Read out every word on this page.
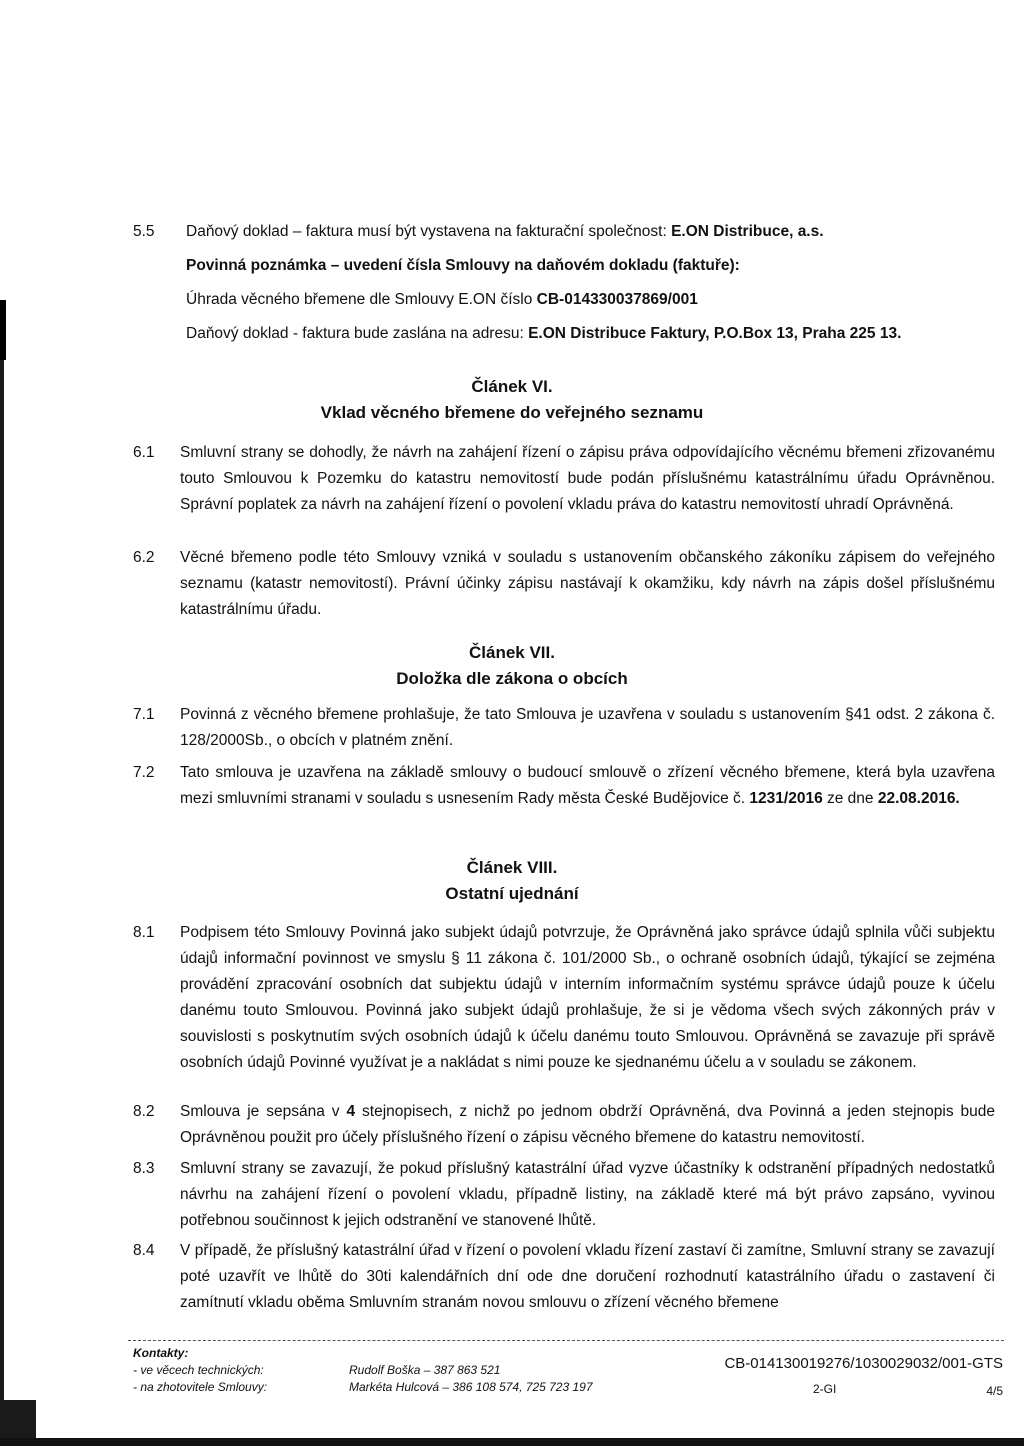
5.5	Daňový doklad – faktura musí být vystavena na fakturační společnost: E.ON Distribuce, a.s.
Povinná poznámka – uvedení čísla Smlouvy na daňovém dokladu (faktuře):
Úhrada věcného břemene dle Smlouvy E.ON číslo CB-014330037869/001
Daňový doklad - faktura bude zaslána na adresu: E.ON Distribuce Faktury, P.O.Box 13, Praha 225 13.
Článek VI.
Vklad věcného břemene do veřejného seznamu
6.1	Smluvní strany se dohodly, že návrh na zahájení řízení o zápisu práva odpovídajícího věcnému břemeni zřizovanému touto Smlouvou k Pozemku do katastru nemovitostí bude podán příslušnému katastrálnímu úřadu Oprávněnou. Správní poplatek za návrh na zahájení řízení o povolení vkladu práva do katastru nemovitostí uhradí Oprávněná.
6.2	Věcné břemeno podle této Smlouvy vzniká v souladu s ustanovením občanského zákoníku zápisem do veřejného seznamu (katastr nemovitostí). Právní účinky zápisu nastávají k okamžiku, kdy návrh na zápis došel příslušnému katastrálnímu úřadu.
Článek VII.
Doložka dle zákona o obcích
7.1	Povinná z věcného břemene prohlašuje, že tato Smlouva je uzavřena v souladu s ustanovením §41 odst. 2 zákona č. 128/2000Sb., o obcích v platném znění.
7.2	Tato smlouva je uzavřena na základě smlouvy o budoucí smlouvě o zřízení věcného břemene, která byla uzavřena mezi smluvními stranami v souladu s usnesením Rady města České Budějovice č. 1231/2016 ze dne 22.08.2016.
Článek VIII.
Ostatní ujednání
8.1	Podpisem této Smlouvy Povinná jako subjekt údajů potvrzuje, že Oprávněná jako správce údajů splnila vůči subjektu údajů informační povinnost ve smyslu § 11 zákona č. 101/2000 Sb., o ochraně osobních údajů, týkající se zejména provádění zpracování osobních dat subjektu údajů v interním informačním systému správce údajů pouze k účelu danému touto Smlouvou. Povinná jako subjekt údajů prohlašuje, že si je vědoma všech svých zákonných práv v souvislosti s poskytnutím svých osobních údajů k účelu danému touto Smlouvou. Oprávněná se zavazuje při správě osobních údajů Povinné využívat je a nakládat s nimi pouze ke sjednanému účelu a v souladu se zákonem.
8.2	Smlouva je sepsána v 4 stejnopisech, z nichž po jednom obdrží Oprávněná, dva Povinná a jeden stejnopis bude Oprávněnou použit pro účely příslušného řízení o zápisu věcného břemene do katastru nemovitostí.
8.3	Smluvní strany se zavazují, že pokud příslušný katastrální úřad vyzve účastníky k odstranění případných nedostatků návrhu na zahájení řízení o povolení vkladu, případně listiny, na základě které má být právo zapsáno, vyvinou potřebnou součinnost k jejich odstranění ve stanovené lhůtě.
8.4	V případě, že příslušný katastrální úřad v řízení o povolení vkladu řízení zastaví či zamítne, Smluvní strany se zavazují poté uzavřít ve lhůtě do 30ti kalendářních dní ode dne doručení rozhodnutí katastrálního úřadu o zastavení či zamítnutí vkladu oběma Smluvním stranám novou smlouvu o zřízení věcného břemene
Kontakty:
- ve věcech technických:	Rudolf Boška – 387 863 521
- na zhotovitele Smlouvy:	Markéta Hulcová – 386 108 574, 725 723 197
CB-014130019276/1030029032/001-GTS
2-GI	4/5
